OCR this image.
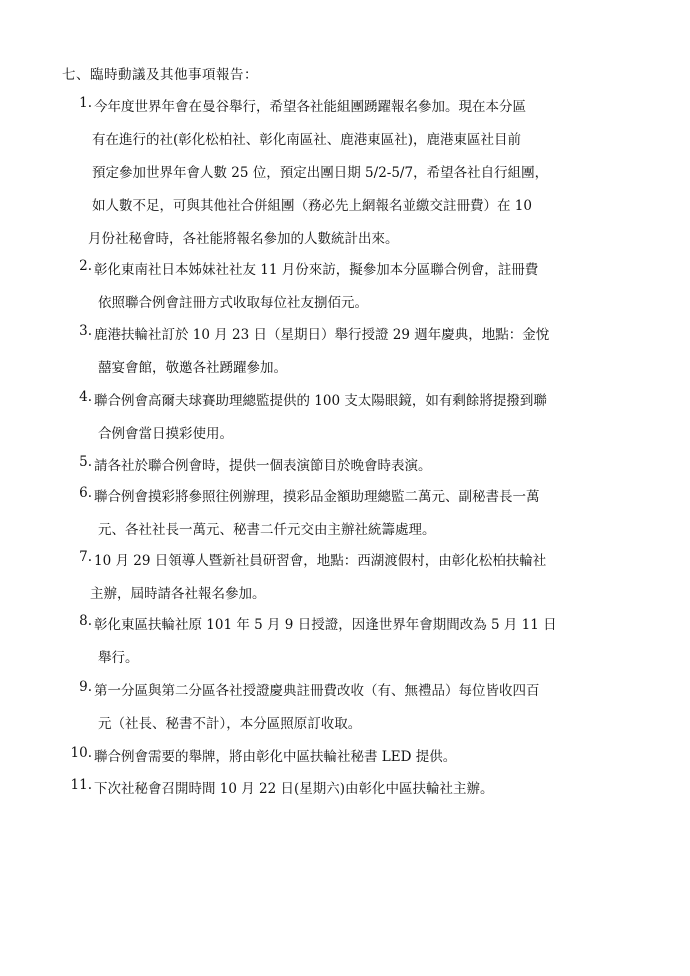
七、臨時動議及其他事項報告：
1. 今年度世界年會在曼谷舉行，希望各社能組團踴躍報名參加。現在本分區
有在進行的社(彰化松柏社、彰化南區社、鹿港東區社)，鹿港東區社目前
預定參加世界年會人數 25 位，預定出團日期 5/2-5/7，希望各社自行組團，
如人數不足，可與其他社合併組團（務必先上網報名並繳交註冊費）在 10
月份社秘會時，各社能將報名參加的人數統計出來。
2. 彰化東南社日本姊妹社社友 11 月份來訪，擬參加本分區聯合例會，註冊費
依照聯合例會註冊方式收取每位社友捌佰元。
3. 鹿港扶輪社訂於 10 月 23 日（星期日）舉行授證 29 週年慶典，地點：金悅
囍宴會館，敬邀各社踴躍參加。
4. 聯合例會高爾夫球賽助理總監提供的 100 支太陽眼鏡，如有剩餘將提撥到聯
合例會當日摸彩使用。
5. 請各社於聯合例會時，提供一個表演節目於晚會時表演。
6. 聯合例會摸彩將參照往例辦理，摸彩品金額助理總監二萬元、副秘書長一萬
元、各社社長一萬元、秘書二仟元交由主辦社統籌處理。
7. 10 月 29 日領導人暨新社員研習會，地點：西湖渡假村，由彰化松柏扶輪社
主辦，屆時請各社報名參加。
8. 彰化東區扶輪社原 101 年 5 月 9 日授證，因逢世界年會期間改為 5 月 11 日
舉行。
9. 第一分區與第二分區各社授證慶典註冊費改收（有、無禮品）每位皆收四百
元（社長、秘書不計），本分區照原訂收取。
10. 聯合例會需要的舉牌，將由彰化中區扶輪社秘書 LED 提供。
11. 下次社秘會召開時間 10 月 22 日(星期六)由彰化中區扶輪社主辦。
